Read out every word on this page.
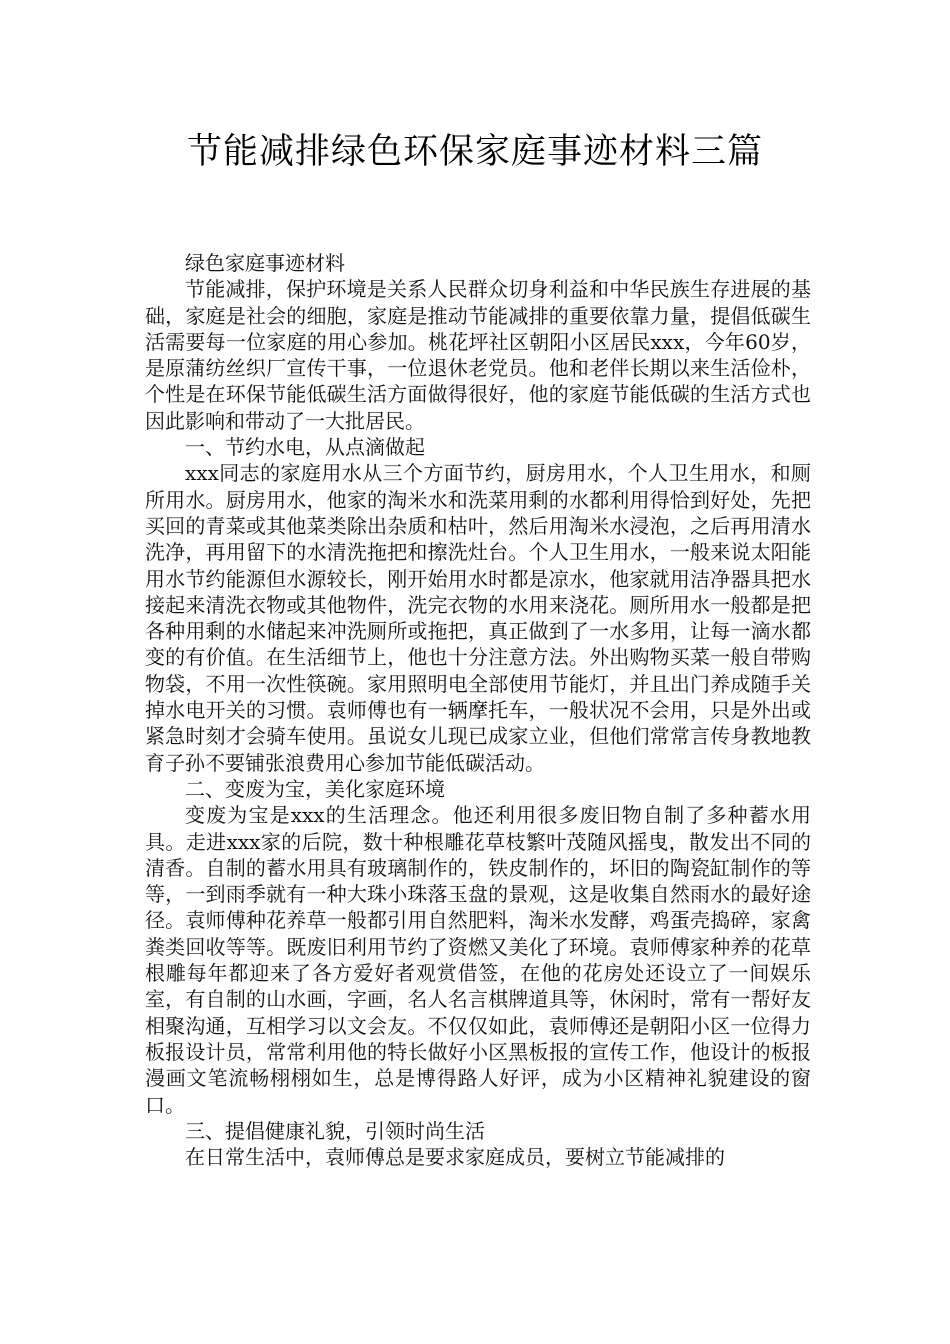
节能减排绿色环保家庭事迹材料三篇

绿色家庭事迹材料

节能减排，保护环境是关系人民群众切身利益和中华民族生存进展的基础，家庭是社会的细胞，家庭是推动节能减排的重要依靠力量，提倡低碳生活需要每一位家庭的用心参加。桃花坪社区朝阳小区居民xxx，今年60岁，是原蒲纺丝织厂宣传干事，一位退休老党员。他和老伴长期以来生活俭朴，个性是在环保节能低碳生活方面做得很好，他的家庭节能低碳的生活方式也因此影响和带动了一大批居民。

一、节约水电，从点滴做起

xxx同志的家庭用水从三个方面节约，厨房用水，个人卫生用水，和厕所用水。厨房用水，他家的淘米水和洗菜用剩的水都利用得恰到好处，先把买回的青菜或其他菜类除出杂质和枯叶，然后用淘米水浸泡，之后再用清水洗净，再用留下的水清洗拖把和擦洗灶台。个人卫生用水，一般来说太阳能用水节约能源但水源较长，刚开始用水时都是凉水，他家就用洁净器具把水接起来清洗衣物或其他物件，洗完衣物的水用来浇花。厕所用水一般都是把各种用剩的水储起来冲洗厕所或拖把，真正做到了一水多用，让每一滴水都变的有价值。在生活细节上，他也十分注意方法。外出购物买菜一般自带购物袋，不用一次性筷碗。家用照明电全部使用节能灯，并且出门养成随手关掉水电开关的习惯。袁师傅也有一辆摩托车，一般状况不会用，只是外出或紧急时刻才会骑车使用。虽说女儿现已成家立业，但他们常常言传身教地教育子孙不要铺张浪费用心参加节能低碳活动。

二、变废为宝，美化家庭环境

变废为宝是xxx的生活理念。他还利用很多废旧物自制了多种蓄水用具。走进xxx家的后院，数十种根雕花草枝繁叶茂随风摇曳，散发出不同的清香。自制的蓄水用具有玻璃制作的，铁皮制作的，坏旧的陶瓷缸制作的等等，一到雨季就有一种大珠小珠落玉盘的景观，这是收集自然雨水的最好途径。袁师傅种花养草一般都引用自然肥料，淘米水发酵，鸡蛋壳捣碎，家禽粪类回收等等。既废旧利用节约了资燃又美化了环境。袁师傅家种养的花草根雕每年都迎来了各方爱好者观赏借签，在他的花房处还设立了一间娱乐室，有自制的山水画，字画，名人名言棋牌道具等，休闲时，常有一帮好友相聚沟通，互相学习以文会友。不仅仅如此，袁师傅还是朝阳小区一位得力板报设计员，常常利用他的特长做好小区黑板报的宣传工作，他设计的板报漫画文笔流畅栩栩如生，总是博得路人好评，成为小区精神礼貌建设的窗口。

三、提倡健康礼貌，引领时尚生活

在日常生活中，袁师傅总是要求家庭成员，要树立节能减排的
